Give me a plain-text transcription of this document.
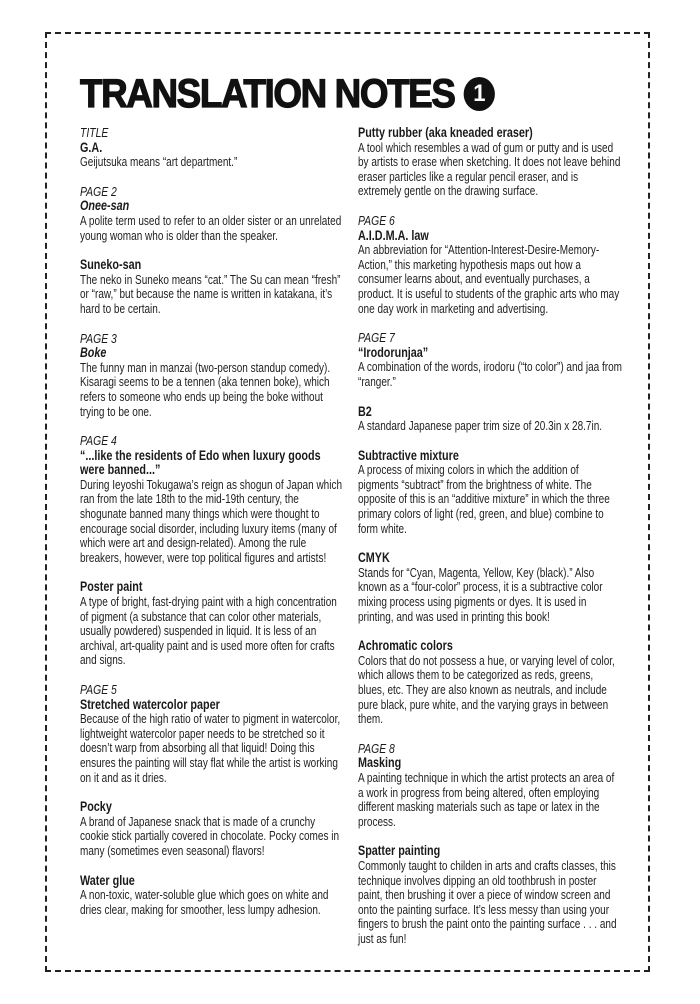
TRANSLATION NOTES 1
TITLE
G.A.
Geijutsuka means “art department.”
PAGE 2
Onee-san
A polite term used to refer to an older sister or an unrelated young woman who is older than the speaker.
Suneko-san
The neko in Suneko means “cat.” The Su can mean “fresh” or “raw,” but because the name is written in katakana, it’s hard to be certain.
PAGE 3
Boke
The funny man in manzai (two-person standup comedy). Kisaragi seems to be a tennen (aka tennen boke), which refers to someone who ends up being the boke without trying to be one.
PAGE 4
“...like the residents of Edo when luxury goods were banned...”
During Ieyoshi Tokugawa’s reign as shogun of Japan which ran from the late 18th to the mid-19th century, the shogunate banned many things which were thought to encourage social disorder, including luxury items (many of which were art and design-related). Among the rule breakers, however, were top political figures and artists!
Poster paint
A type of bright, fast-drying paint with a high concentration of pigment (a substance that can color other materials, usually powdered) suspended in liquid. It is less of an archival, art-quality paint and is used more often for crafts and signs.
PAGE 5
Stretched watercolor paper
Because of the high ratio of water to pigment in watercolor, lightweight watercolor paper needs to be stretched so it doesn’t warp from absorbing all that liquid! Doing this ensures the painting will stay flat while the artist is working on it and as it dries.
Pocky
A brand of Japanese snack that is made of a crunchy cookie stick partially covered in chocolate. Pocky comes in many (sometimes even seasonal) flavors!
Water glue
A non-toxic, water-soluble glue which goes on white and dries clear, making for smoother, less lumpy adhesion.
Putty rubber (aka kneaded eraser)
A tool which resembles a wad of gum or putty and is used by artists to erase when sketching. It does not leave behind eraser particles like a regular pencil eraser, and is extremely gentle on the drawing surface.
PAGE 6
A.I.D.M.A. law
An abbreviation for “Attention-Interest-Desire-Memory-Action,” this marketing hypothesis maps out how a consumer learns about, and eventually purchases, a product. It is useful to students of the graphic arts who may one day work in marketing and advertising.
PAGE 7
“Irodorunjaa”
A combination of the words, irodoru (“to color”) and jaa from “ranger.”
B2
A standard Japanese paper trim size of 20.3in x 28.7in.
Subtractive mixture
A process of mixing colors in which the addition of pigments “subtract” from the brightness of white. The opposite of this is an “additive mixture” in which the three primary colors of light (red, green, and blue) combine to form white.
CMYK
Stands for “Cyan, Magenta, Yellow, Key (black).” Also known as a “four-color” process, it is a subtractive color mixing process using pigments or dyes. It is used in printing, and was used in printing this book!
Achromatic colors
Colors that do not possess a hue, or varying level of color, which allows them to be categorized as reds, greens, blues, etc. They are also known as neutrals, and include pure black, pure white, and the varying grays in between them.
PAGE 8
Masking
A painting technique in which the artist protects an area of a work in progress from being altered, often employing different masking materials such as tape or latex in the process.
Spatter painting
Commonly taught to childen in arts and crafts classes, this technique involves dipping an old toothbrush in poster paint, then brushing it over a piece of window screen and onto the painting surface. It’s less messy than using your fingers to brush the paint onto the painting surface . . . and just as fun!
